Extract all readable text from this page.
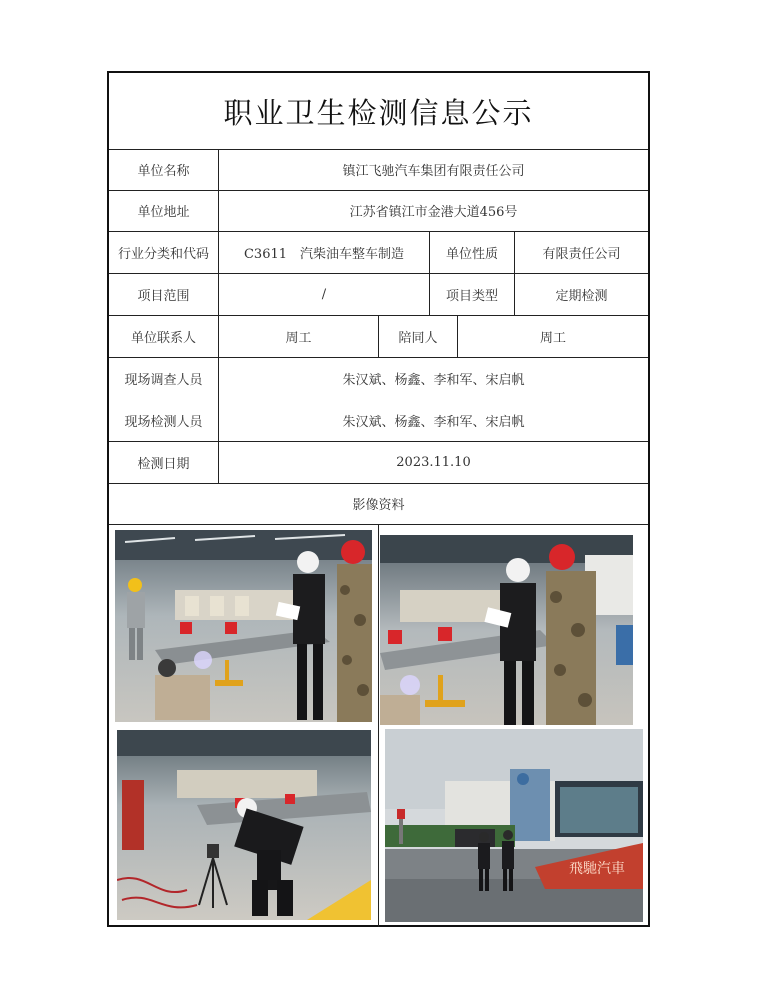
职业卫生检测信息公示
单位名称	镇江飞驰汽车集团有限责任公司
单位地址	江苏省镇江市金港大道456号
行业分类和代码	C3611　汽柴油车整车制造	单位性质	有限责任公司
项目范围	/	项目类型	定期检测
单位联系人	周工	陪同人	周工
现场调查人员	朱汉斌、杨鑫、李和军、宋启帆
现场检测人员	朱汉斌、杨鑫、李和军、宋启帆
检测日期	2023.11.10
影像资料
飛馳汽車
